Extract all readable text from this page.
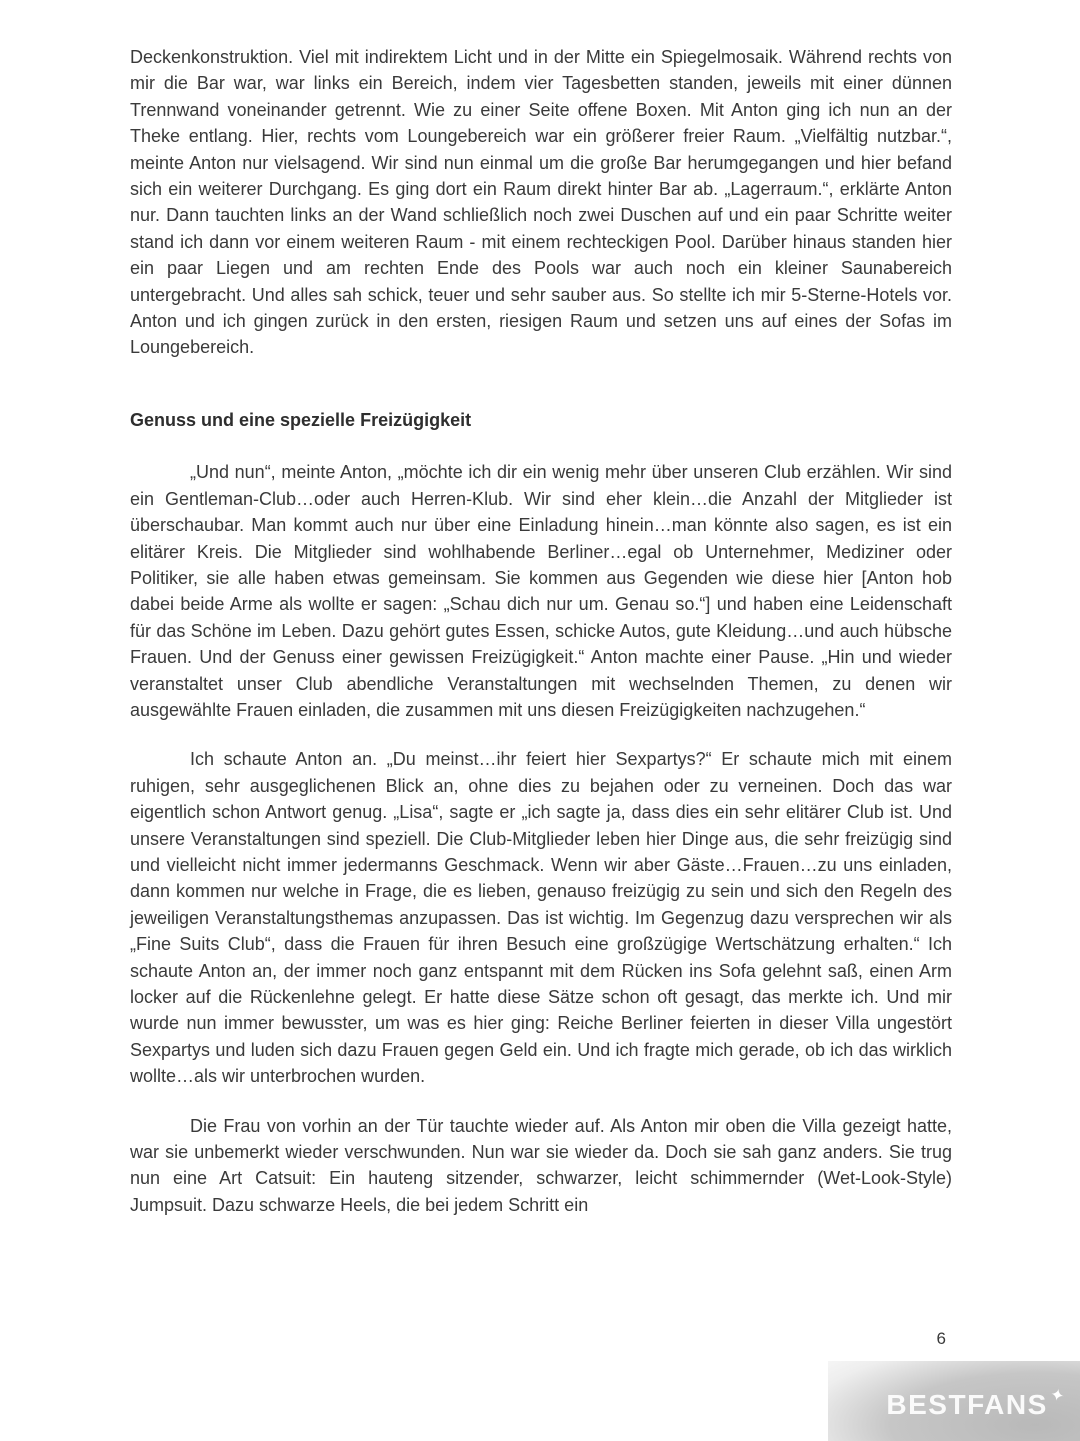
Deckenkonstruktion. Viel mit indirektem Licht und in der Mitte ein Spiegelmosaik. Während rechts von mir die Bar war, war links ein Bereich, indem vier Tagesbetten standen, jeweils mit einer dünnen Trennwand voneinander getrennt. Wie zu einer Seite offene Boxen. Mit Anton ging ich nun an der Theke entlang. Hier, rechts vom Loungebereich war ein größerer freier Raum. „Vielfältig nutzbar.“, meinte Anton nur vielsagend. Wir sind nun einmal um die große Bar herumgegangen und hier befand sich ein weiterer Durchgang. Es ging dort ein Raum direkt hinter Bar ab. „Lagerraum.“, erklärte Anton nur. Dann tauchten links an der Wand schließlich noch zwei Duschen auf und ein paar Schritte weiter stand ich dann vor einem weiteren Raum - mit einem rechteckigen Pool. Darüber hinaus standen hier ein paar Liegen und am rechten Ende des Pools war auch noch ein kleiner Saunabereich untergebracht. Und alles sah schick, teuer und sehr sauber aus. So stellte ich mir 5-Sterne-Hotels vor. Anton und ich gingen zurück in den ersten, riesigen Raum und setzen uns auf eines der Sofas im Loungebereich.

Genuss und eine spezielle Freizügigkeit

„Und nun“, meinte Anton, „möchte ich dir ein wenig mehr über unseren Club erzählen. Wir sind ein Gentleman-Club…oder auch Herren-Klub. Wir sind eher klein…die Anzahl der Mitglieder ist überschaubar. Man kommt auch nur über eine Einladung hinein…man könnte also sagen, es ist ein elitärer Kreis. Die Mitglieder sind wohlhabende Berliner…egal ob Unternehmer, Mediziner oder Politiker, sie alle haben etwas gemeinsam. Sie kommen aus Gegenden wie diese hier [Anton hob dabei beide Arme als wollte er sagen: „Schau dich nur um. Genau so.“] und haben eine Leidenschaft für das Schöne im Leben. Dazu gehört gutes Essen, schicke Autos, gute Kleidung…und auch hübsche Frauen. Und der Genuss einer gewissen Freizügigkeit.“ Anton machte einer Pause. „Hin und wieder veranstaltet unser Club abendliche Veranstaltungen mit wechselnden Themen, zu denen wir ausgewählte Frauen einladen, die zusammen mit uns diesen Freizügigkeiten nachzugehen.“

Ich schaute Anton an. „Du meinst…ihr feiert hier Sexpartys?“ Er schaute mich mit einem ruhigen, sehr ausgeglichenen Blick an, ohne dies zu bejahen oder zu verneinen. Doch das war eigentlich schon Antwort genug. „Lisa“, sagte er „ich sagte ja, dass dies ein sehr elitärer Club ist. Und unsere Veranstaltungen sind speziell. Die Club-Mitglieder leben hier Dinge aus, die sehr freizügig sind und vielleicht nicht immer jedermanns Geschmack. Wenn wir aber Gäste…Frauen…zu uns einladen, dann kommen nur welche in Frage, die es lieben, genauso freizügig zu sein und sich den Regeln des jeweiligen Veranstaltungsthemas anzupassen. Das ist wichtig. Im Gegenzug dazu versprechen wir als „Fine Suits Club“, dass die Frauen für ihren Besuch eine großzügige Wertschätzung erhalten.“ Ich schaute Anton an, der immer noch ganz entspannt mit dem Rücken ins Sofa gelehnt saß, einen Arm locker auf die Rückenlehne gelegt. Er hatte diese Sätze schon oft gesagt, das merkte ich. Und mir wurde nun immer bewusster, um was es hier ging: Reiche Berliner feierten in dieser Villa ungestört Sexpartys und luden sich dazu Frauen gegen Geld ein. Und ich fragte mich gerade, ob ich das wirklich wollte…als wir unterbrochen wurden.

Die Frau von vorhin an der Tür tauchte wieder auf. Als Anton mir oben die Villa gezeigt hatte, war sie unbemerkt wieder verschwunden. Nun war sie wieder da. Doch sie sah ganz anders. Sie trug nun eine Art Catsuit: Ein hauteng sitzender, schwarzer, leicht schimmernder (Wet-Look-Style) Jumpsuit. Dazu schwarze Heels, die bei jedem Schritt ein

6
BESTFANS ✦
